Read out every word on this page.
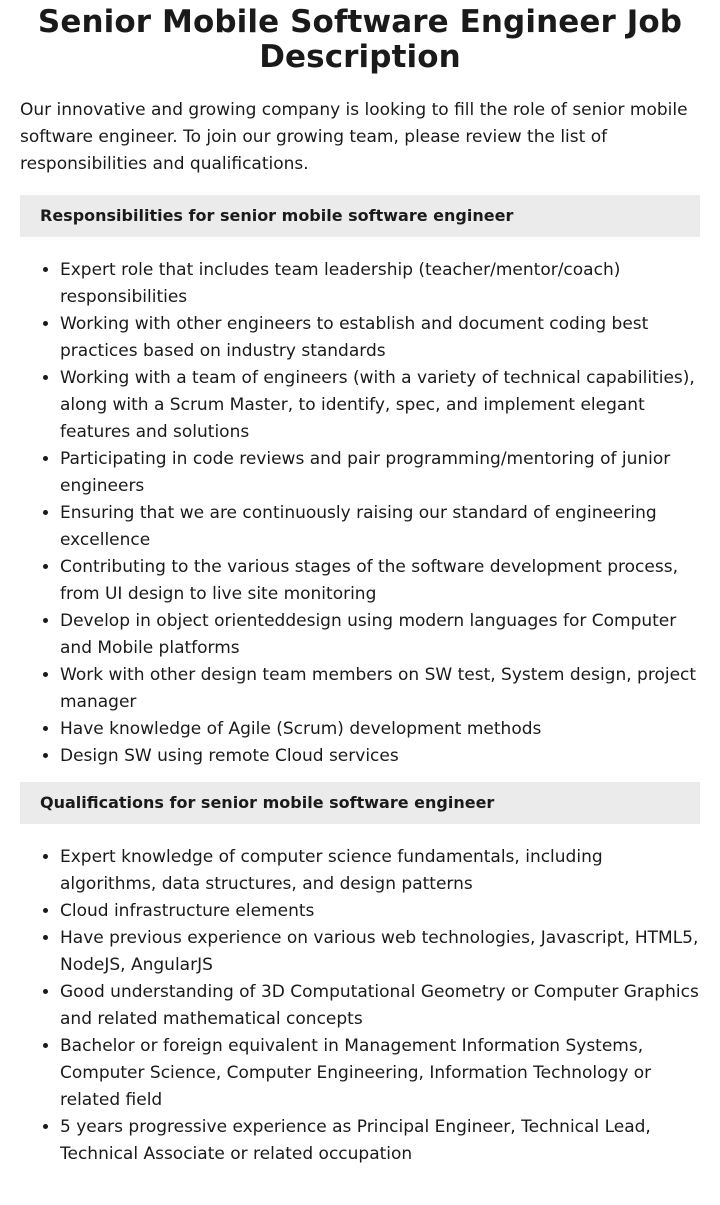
Senior Mobile Software Engineer Job Description

Our innovative and growing company is looking to fill the role of senior mobile software engineer. To join our growing team, please review the list of responsibilities and qualifications.

Responsibilities for senior mobile software engineer
• Expert role that includes team leadership (teacher/mentor/coach) responsibilities
• Working with other engineers to establish and document coding best practices based on industry standards
• Working with a team of engineers (with a variety of technical capabilities), along with a Scrum Master, to identify, spec, and implement elegant features and solutions
• Participating in code reviews and pair programming/mentoring of junior engineers
• Ensuring that we are continuously raising our standard of engineering excellence
• Contributing to the various stages of the software development process, from UI design to live site monitoring
• Develop in object orienteddesign using modern languages for Computer and Mobile platforms
• Work with other design team members on SW test, System design, project manager
• Have knowledge of Agile (Scrum) development methods
• Design SW using remote Cloud services
Qualifications for senior mobile software engineer
• Expert knowledge of computer science fundamentals, including algorithms, data structures, and design patterns
• Cloud infrastructure elements
• Have previous experience on various web technologies, Javascript, HTML5, NodeJS, AngularJS
• Good understanding of 3D Computational Geometry or Computer Graphics and related mathematical concepts
• Bachelor or foreign equivalent in Management Information Systems, Computer Science, Computer Engineering, Information Technology or related field
• 5 years progressive experience as Principal Engineer, Technical Lead, Technical Associate or related occupation
